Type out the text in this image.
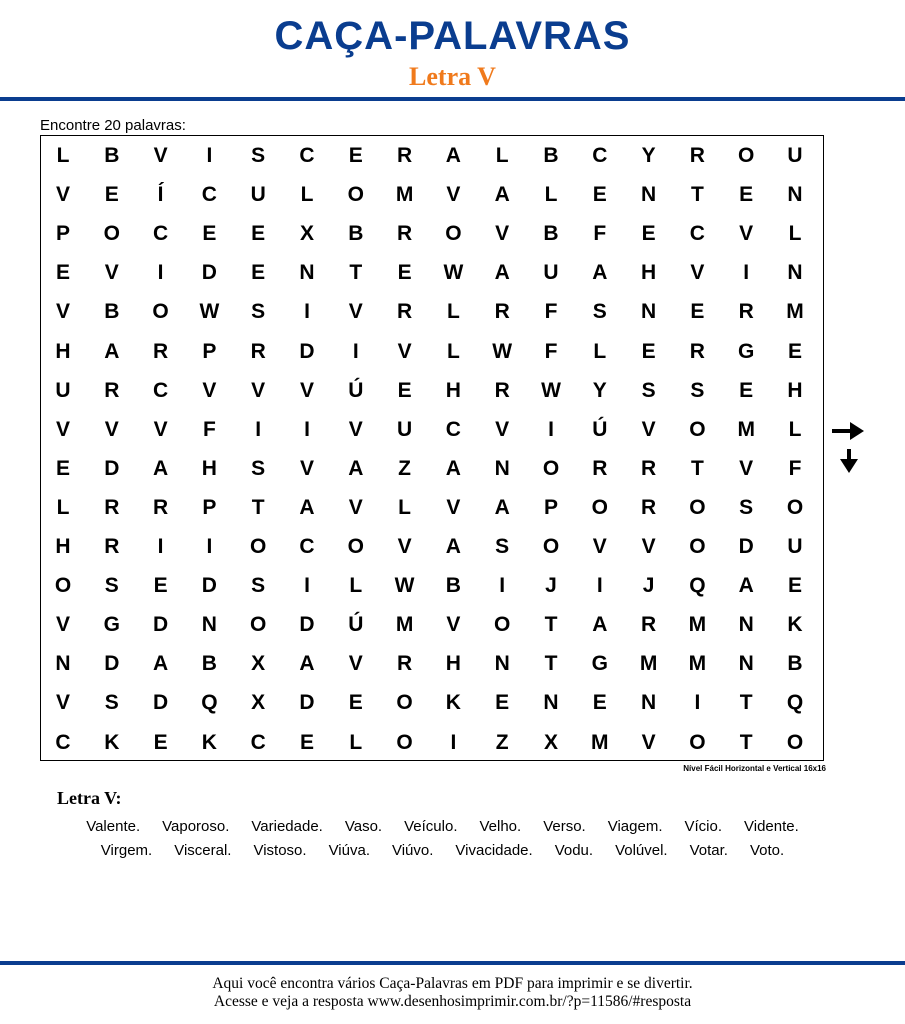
CAÇA-PALAVRAS
Letra V
Encontre 20 palavras:
L	B	V	I	S	C	E	R	A	L	B	C	Y	R	O	U
V	E	Í	C	U	L	O	M	V	A	L	E	N	T	E	N
P	O	C	E	E	X	B	R	O	V	B	F	E	C	V	L
E	V	I	D	E	N	T	E	W	A	U	A	H	V	I	N
V	B	O	W	S	I	V	R	L	R	F	S	N	E	R	M
H	A	R	P	R	D	I	V	L	W	F	L	E	R	G	E
U	R	C	V	V	V	Ú	E	H	R	W	Y	S	S	E	H
V	V	V	F	I	I	V	U	C	V	I	Ú	V	O	M	L
E	D	A	H	S	V	A	Z	A	N	O	R	R	T	V	F
L	R	R	P	T	A	V	L	V	A	P	O	R	O	S	O
H	R	I	I	O	C	O	V	A	S	O	V	V	O	D	U
O	S	E	D	S	I	L	W	B	I	J	I	J	Q	A	E
V	G	D	N	O	D	Ú	M	V	O	T	A	R	M	N	K
N	D	A	B	X	A	V	R	H	N	T	G	M	M	N	B
V	S	D	Q	X	D	E	O	K	E	N	E	N	I	T	Q
C	K	E	K	C	E	L	O	I	Z	X	M	V	O	T	O
Nível Fácil Horizontal e Vertical 16x16
Letra V:
Valente.	Vaporoso.	Variedade.	Vaso.	Veículo.	Velho.	Verso.	Viagem.	Vício.	Vidente.
Virgem.	Visceral.	Vistoso.	Viúva.	Viúvo.	Vivacidade.	Vodu.	Volúvel.	Votar.	Voto.
Aqui você encontra vários Caça-Palavras em PDF para imprimir e se divertir.
Acesse e veja a resposta www.desenhosimprimir.com.br/?p=11586/#resposta
